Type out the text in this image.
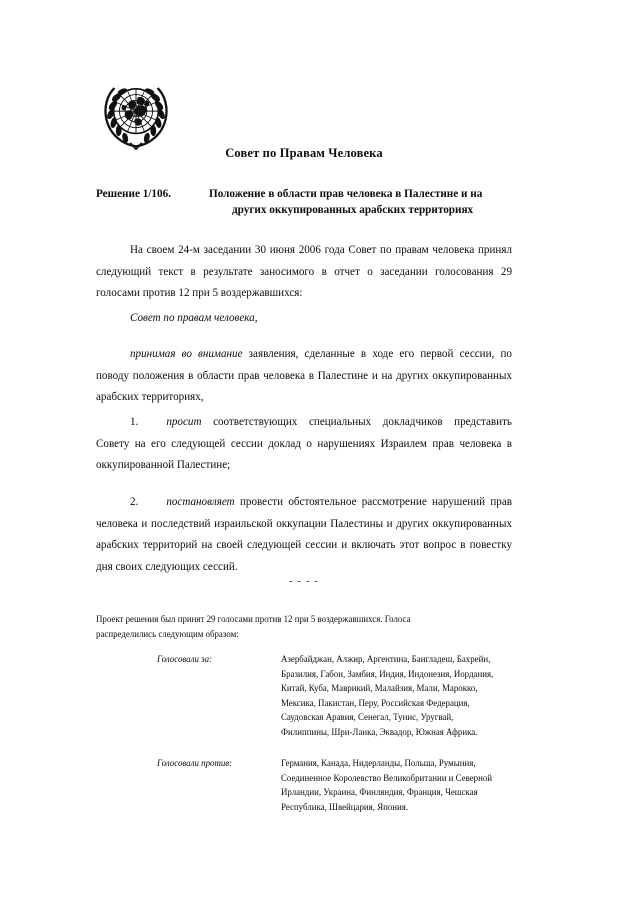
Совет по Правам Человека
Решение 1/106.	Положение в области прав человека в Палестине и на
других оккупированных арабских территориях
На своем 24-м заседании 30 июня 2006 года Совет по правам человека принял следующий текст в результате заносимого в отчет о заседании голосования 29 голосами против 12 при 5 воздержавшихся:
Совет по правам человека,
принимая во внимание заявления, сделанные в ходе его первой сессии, по поводу положения в области прав человека в Палестине и на других оккупированных арабских территориях,
1.	просит соответствующих специальных докладчиков представить Совету на его следующей сессии доклад о нарушениях Израилем прав человека в оккупированной Палестине;
2.	постановляет провести обстоятельное рассмотрение нарушений прав человека и последствий израильской оккупации Палестины и других оккупированных арабских территорий на своей следующей сессии и включать этот вопрос в повестку дня своих следующих сессий.
- - - -
Проект решения был принят 29 голосами против 12 при 5 воздержавшихся. Голоса
распределились следующим образом:
Голосовали за:	Азербайджан, Алжир, Аргентина, Бангладеш, Бахрейн,
Бразилия, Габон, Замбия, Индия, Индонезия, Иордания,
Китай, Куба, Маврикий, Малайзия, Мали, Марокко,
Мексика, Пакистан, Перу, Российская Федерация,
Саудовская Аравия, Сенегал, Тунис, Уругвай,
Филиппины, Шри-Ланка, Эквадор, Южная Африка.
Голосовали против:	Германия, Канада, Нидерланды, Польша, Румыния,
Соединенное Королевство Великобритании и Северной
Ирландии, Украина, Финляндия, Франция, Чешская
Республика, Швейцария, Япония.
